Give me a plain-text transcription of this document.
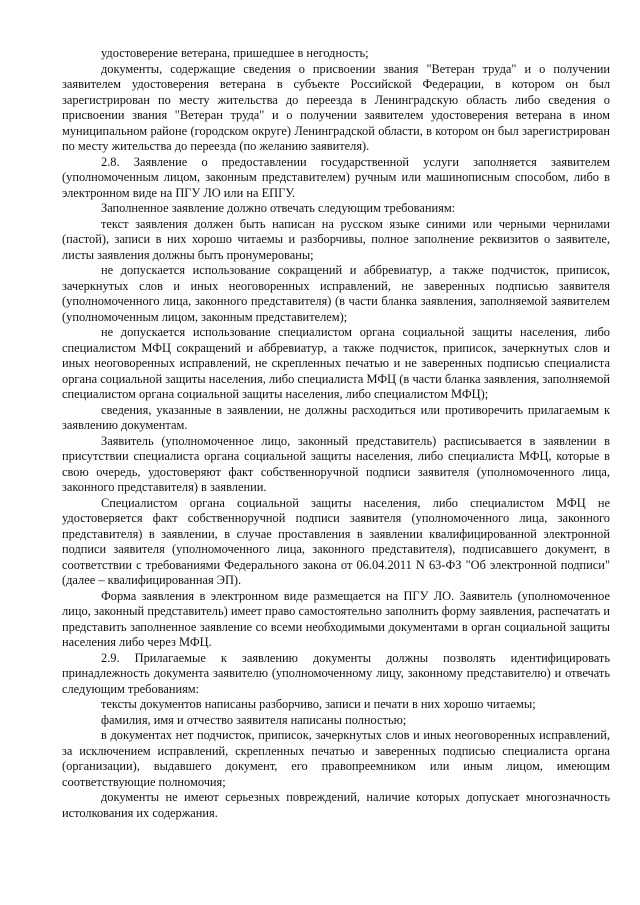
удостоверение ветерана, пришедшее в негодность;

документы, содержащие сведения о присвоении звания "Ветеран труда" и о получении заявителем удостоверения ветерана в субъекте Российской Федерации, в котором он был зарегистрирован по месту жительства до переезда в Ленинградскую область либо сведения о присвоении звания "Ветеран труда" и о получении заявителем удостоверения ветерана в ином муниципальном районе (городском округе) Ленинградской области, в котором он был зарегистрирован по месту жительства до переезда (по желанию заявителя).

2.8. Заявление о предоставлении государственной услуги заполняется заявителем (уполномоченным лицом, законным представителем) ручным или машинописным способом, либо в электронном виде на ПГУ ЛО или на ЕПГУ.

Заполненное заявление должно отвечать следующим требованиям:

текст заявления должен быть написан на русском языке синими или черными чернилами (пастой), записи в них хорошо читаемы и разборчивы, полное заполнение реквизитов о заявителе, листы заявления должны быть пронумерованы;

не допускается использование сокращений и аббревиатур, а также подчисток, приписок, зачеркнутых слов и иных неоговоренных исправлений, не заверенных подписью заявителя (уполномоченного лица, законного представителя) (в части бланка заявления, заполняемой заявителем (уполномоченным лицом, законным представителем);

не допускается использование специалистом органа социальной защиты населения, либо специалистом МФЦ сокращений и аббревиатур, а также подчисток, приписок, зачеркнутых слов и иных неоговоренных исправлений, не скрепленных печатью и не заверенных подписью специалиста органа социальной защиты населения, либо специалиста МФЦ (в части бланка заявления, заполняемой специалистом органа социальной защиты населения, либо специалистом МФЦ);

сведения, указанные в заявлении, не должны расходиться или противоречить прилагаемым к заявлению документам.

Заявитель (уполномоченное лицо, законный представитель) расписывается в заявлении в присутствии специалиста органа социальной защиты населения, либо специалиста МФЦ, которые в свою очередь, удостоверяют факт собственноручной подписи заявителя (уполномоченного лица, законного представителя) в заявлении.

Специалистом органа социальной защиты населения, либо специалистом МФЦ не удостоверяется факт собственноручной подписи заявителя (уполномоченного лица, законного представителя) в заявлении, в случае проставления в заявлении квалифицированной электронной подписи заявителя (уполномоченного лица, законного представителя), подписавшего документ, в соответствии с требованиями Федерального закона от 06.04.2011 N 63-ФЗ "Об электронной подписи" (далее – квалифицированная ЭП).

Форма заявления в электронном виде размещается на ПГУ ЛО. Заявитель (уполномоченное лицо, законный представитель) имеет право самостоятельно заполнить форму заявления, распечатать и представить заполненное заявление со всеми необходимыми документами в орган социальной защиты населения либо через МФЦ.

2.9. Прилагаемые к заявлению документы должны позволять идентифицировать принадлежность документа заявителю (уполномоченному лицу, законному представителю) и отвечать следующим требованиям:

тексты документов написаны разборчиво, записи и печати в них хорошо читаемы;

фамилия, имя и отчество заявителя написаны полностью;

в документах нет подчисток, приписок, зачеркнутых слов и иных неоговоренных исправлений, за исключением исправлений, скрепленных печатью и заверенных подписью специалиста органа (организации), выдавшего документ, его правопреемником или иным лицом, имеющим соответствующие полномочия;

документы не имеют серьезных повреждений, наличие которых допускает многозначность истолкования их содержания.
